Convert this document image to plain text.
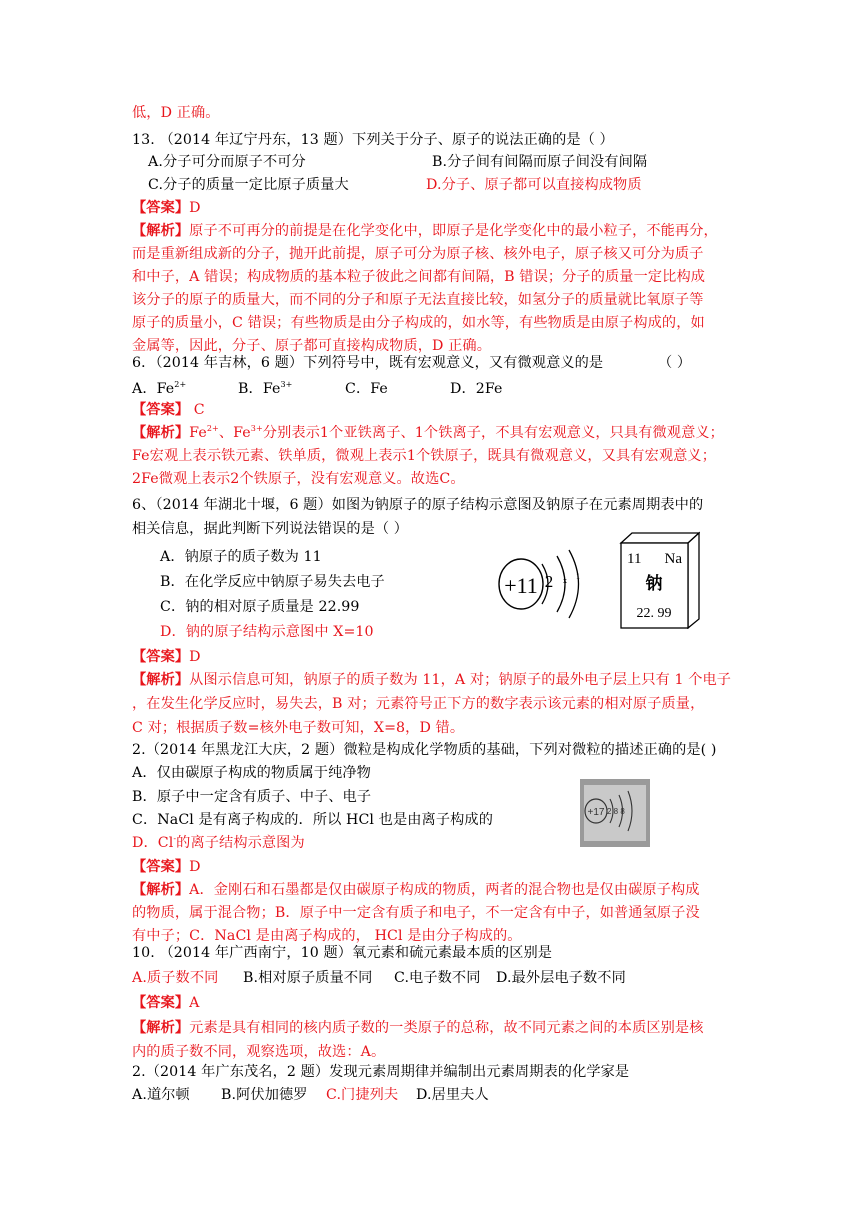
低，D 正确。
13. （2014 年辽宁丹东，13 题）下列关于分子、原子的说法正确的是（ ）
A.分子可分而原子不可分	B.分子间有间隔而原子间没有间隔
C.分子的质量一定比原子质量大	D.分子、原子都可以直接构成物质
【答案】D
【解析】原子不可再分的前提是在化学变化中，即原子是化学变化中的最小粒子，不能再分，
而是重新组成新的分子，抛开此前提，原子可分为原子核、核外电子，原子核又可分为质子
和中子，A 错误；构成物质的基本粒子彼此之间都有间隔，B 错误；分子的质量一定比构成
该分子的原子的质量大，而不同的分子和原子无法直接比较，如氢分子的质量就比氧原子等
原子的质量小，C 错误；有些物质是由分子构成的，如水等，有些物质是由原子构成的，如
金属等，因此，分子、原子都可直接构成物质，D 正确。
6．（2014 年吉林，6 题）下列符号中，既有宏观意义，又有微观意义的是	（ ）
A．$Fe^{2+}$	B．$Fe^{3+}$	C．Fe	D．2Fe
【答案】 C
【解析】$Fe^{2+}$、$Fe^{3+}$分别表示1个亚铁离子、1个铁离子，不具有宏观意义，只具有微观意义；
Fe宏观上表示铁元素、铁单质，微观上表示1个铁原子，既具有微观意义，又具有宏观意义；
2Fe微观上表示2个铁原子，没有宏观意义。故选C。
6、（2014 年湖北十堰，6 题）如图为钠原子的原子结构示意图及钠原子在元素周期表中的
相关信息，据此判断下列说法错误的是（ ）
A．钠原子的质子数为 11
B．在化学反应中钠原子易失去电子
C．钠的相对原子质量是 22.99
D．钠的原子结构示意图中 X=10
+11 2 x 1
11 Na
钠
22. 99
【答案】D
【解析】从图示信息可知，钠原子的质子数为 11，A 对；钠原子的最外电子层上只有 1 个电子
，在发生化学反应时，易失去，B 对；元素符号正下方的数字表示该元素的相对原子质量，
C 对；根据质子数=核外电子数可知，X=8，D 错。
2.（2014 年黑龙江大庆，2 题）微粒是构成化学物质的基础，下列对微粒的描述正确的是( )
A．仅由碳原子构成的物质属于纯净物
B．原子中一定含有质子、中子、电子
C．NaCl 是有离子构成的．所以 HCl 也是由离子构成的
D．Cl-的离子结构示意图为
+17 2 8 8
【答案】D
【解析】A．金刚石和石墨都是仅由碳原子构成的物质，两者的混合物也是仅由碳原子构成
的物质，属于混合物；B．原子中一定含有质子和电子，不一定含有中子，如普通氢原子没
有中子；C．NaCl 是由离子构成的， HCl 是由分子构成的。
10. （2014 年广西南宁，10 题）氧元素和硫元素最本质的区别是
A.质子数不同 B.相对原子质量不同 C.电子数不同 D.最外层电子数不同
【答案】A
【解析】元素是具有相同的核内质子数的一类原子的总称，故不同元素之间的本质区别是核
内的质子数不同，观察选项，故选：A。
2.（2014 年广东茂名，2 题）发现元素周期律并编制出元素周期表的化学家是
A.道尔顿 B.阿伏加德罗 C.门捷列夫 D.居里夫人
